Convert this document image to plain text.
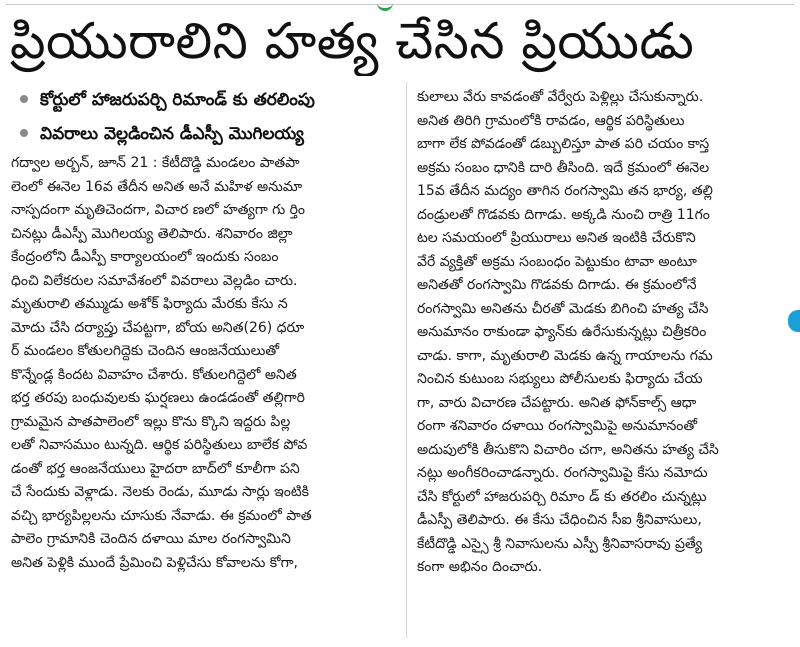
ప్రియురాలిని హత్య చేసిన ప్రియుడు
కోర్టులో హాజరుపర్చి రిమాండ్ కు తరలింపు
వివరాలు వెల్లడించిన డీఎస్పీ మొగిలయ్య
గద్వాల అర్బన్, జూన్ 21 : కేటీదొడ్డి మండలం పాతపా
లెంలో ఈనెల 16వ తేదీన అనిత అనే మహిళ అనుమా
నాస్పదంగా మృతిచెందగా, విచార ణలో హత్యగా గు ర్తిం
చినట్లు డీఎస్పీ మొగిలయ్య తెలిపారు. శనివారం జిల్లా
కేంద్రంలోని డీఎస్పీ కార్యాలయంలో ఇందుకు సంబం
ధించి విలేకరుల సమావేశంలో వివరాలు వెల్లడిం చారు.
మృతురాలి తమ్ముడు అశోక్ ఫిర్యాదు మేరకు కేసు న
మోదు చేసి దర్యాప్తు చేపట్టగా, బోయ అనిత(26) ధరూ
ర్ మండలం కోతులగిద్దెకు చెందిన ఆంజనేయులుతో
కొన్నేండ్ల కిందట వివాహం చేశారు. కోతులగిద్దెలో అనిత
భర్త తరపు బంధువులకు ఘర్షణలు ఉండడంతో తల్లిగారి
గ్రామమైన పాతపాలెంలో ఇల్లు కొను క్కొని ఇద్దరు పిల్ల
లతో నివాసముం టున్నది. ఆర్థిక పరిస్థితులు బాలేక పోవ
డంతో భర్త ఆంజనేయులు హైదరా బాద్‌లో కూలీగా పని
చే సేందుకు వెళ్లాడు. నెలకు రెండు, మూడు సార్లు ఇంటికి
వచ్చి భార్యపిల్లలను చూసుకు నేవాడు. ఈ క్రమంలో పాత
పాలెం గ్రామానికి చెందిన దళాయి మాల రంగస్వామిని
అనిత పెళ్లికి ముందే ప్రేమించి పెళ్లిచేసు కోవాలను కోగా,
కులాలు వేరు కావడంతో వేర్వేరు పెళ్లిల్లు చేసుకున్నారు.
అనిత తిరిగి గ్రామంలోకి రావడం, ఆర్థిక పరిస్థితులు
బాగా లేక పోవడంతో డబ్బులిస్తూ పాత పరి చయం కాస్త
అక్రమ సంబం ధానికి దారి తీసింది. ఇదే క్రమంలో ఈనెల
15వ తేదీన మద్యం తాగిన రంగస్వామి తన భార్య, తల్లి
దండ్రులతో గొడవకు దిగాడు. అక్కడి నుంచి రాత్రి 11గం
టల సమయంలో ప్రియురాలు అనిత ఇంటికి చేరుకొని
వేరే వ్యక్తితో అక్రమ సంబంధం పెట్టుకుం టావా అంటూ
అనితతో రంగస్వామి గొడవకు దిగాడు. ఈ క్రమంలోనే
రంగస్వామి అనితను చీరతో మెడకు బిగించి హత్య చేసి
అనుమానం రాకుండా ఫ్యాన్‌కు ఉరేసుకున్నట్లు చిత్రీకరిం
చాడు. కాగా, మృతురాలి మెడకు ఉన్న గాయాలను గమ
నించిన కుటుంబ సభ్యులు పోలీసులకు ఫిర్యాదు చేయ
గా, వారు విచారణ చేపట్టారు. అనిత ఫోన్‌కాల్స్ ఆధా
రంగా శనివారం దళాయి రంగస్వామిపై అనుమానంతో
అదుపులోకి తీసుకొని విచారిం చగా, అనితను హత్య చేసి
నట్లు అంగీకరించాడన్నారు. రంగస్వామిపై కేసు నమోదు
చేసి కోర్టులో హాజరుపర్చి రిమాం డ్ కు తరలిం చున్నట్లు
డీఎస్పీ తెలిపారు. ఈ కేసు చేధించిన సీఐ శ్రీనివాసులు,
కేటీదొడ్డి ఎస్సై శ్రీ నివాసులను ఎస్పీ శ్రీనివాసరావు ప్రత్యే
కంగా అభినం దించారు.
